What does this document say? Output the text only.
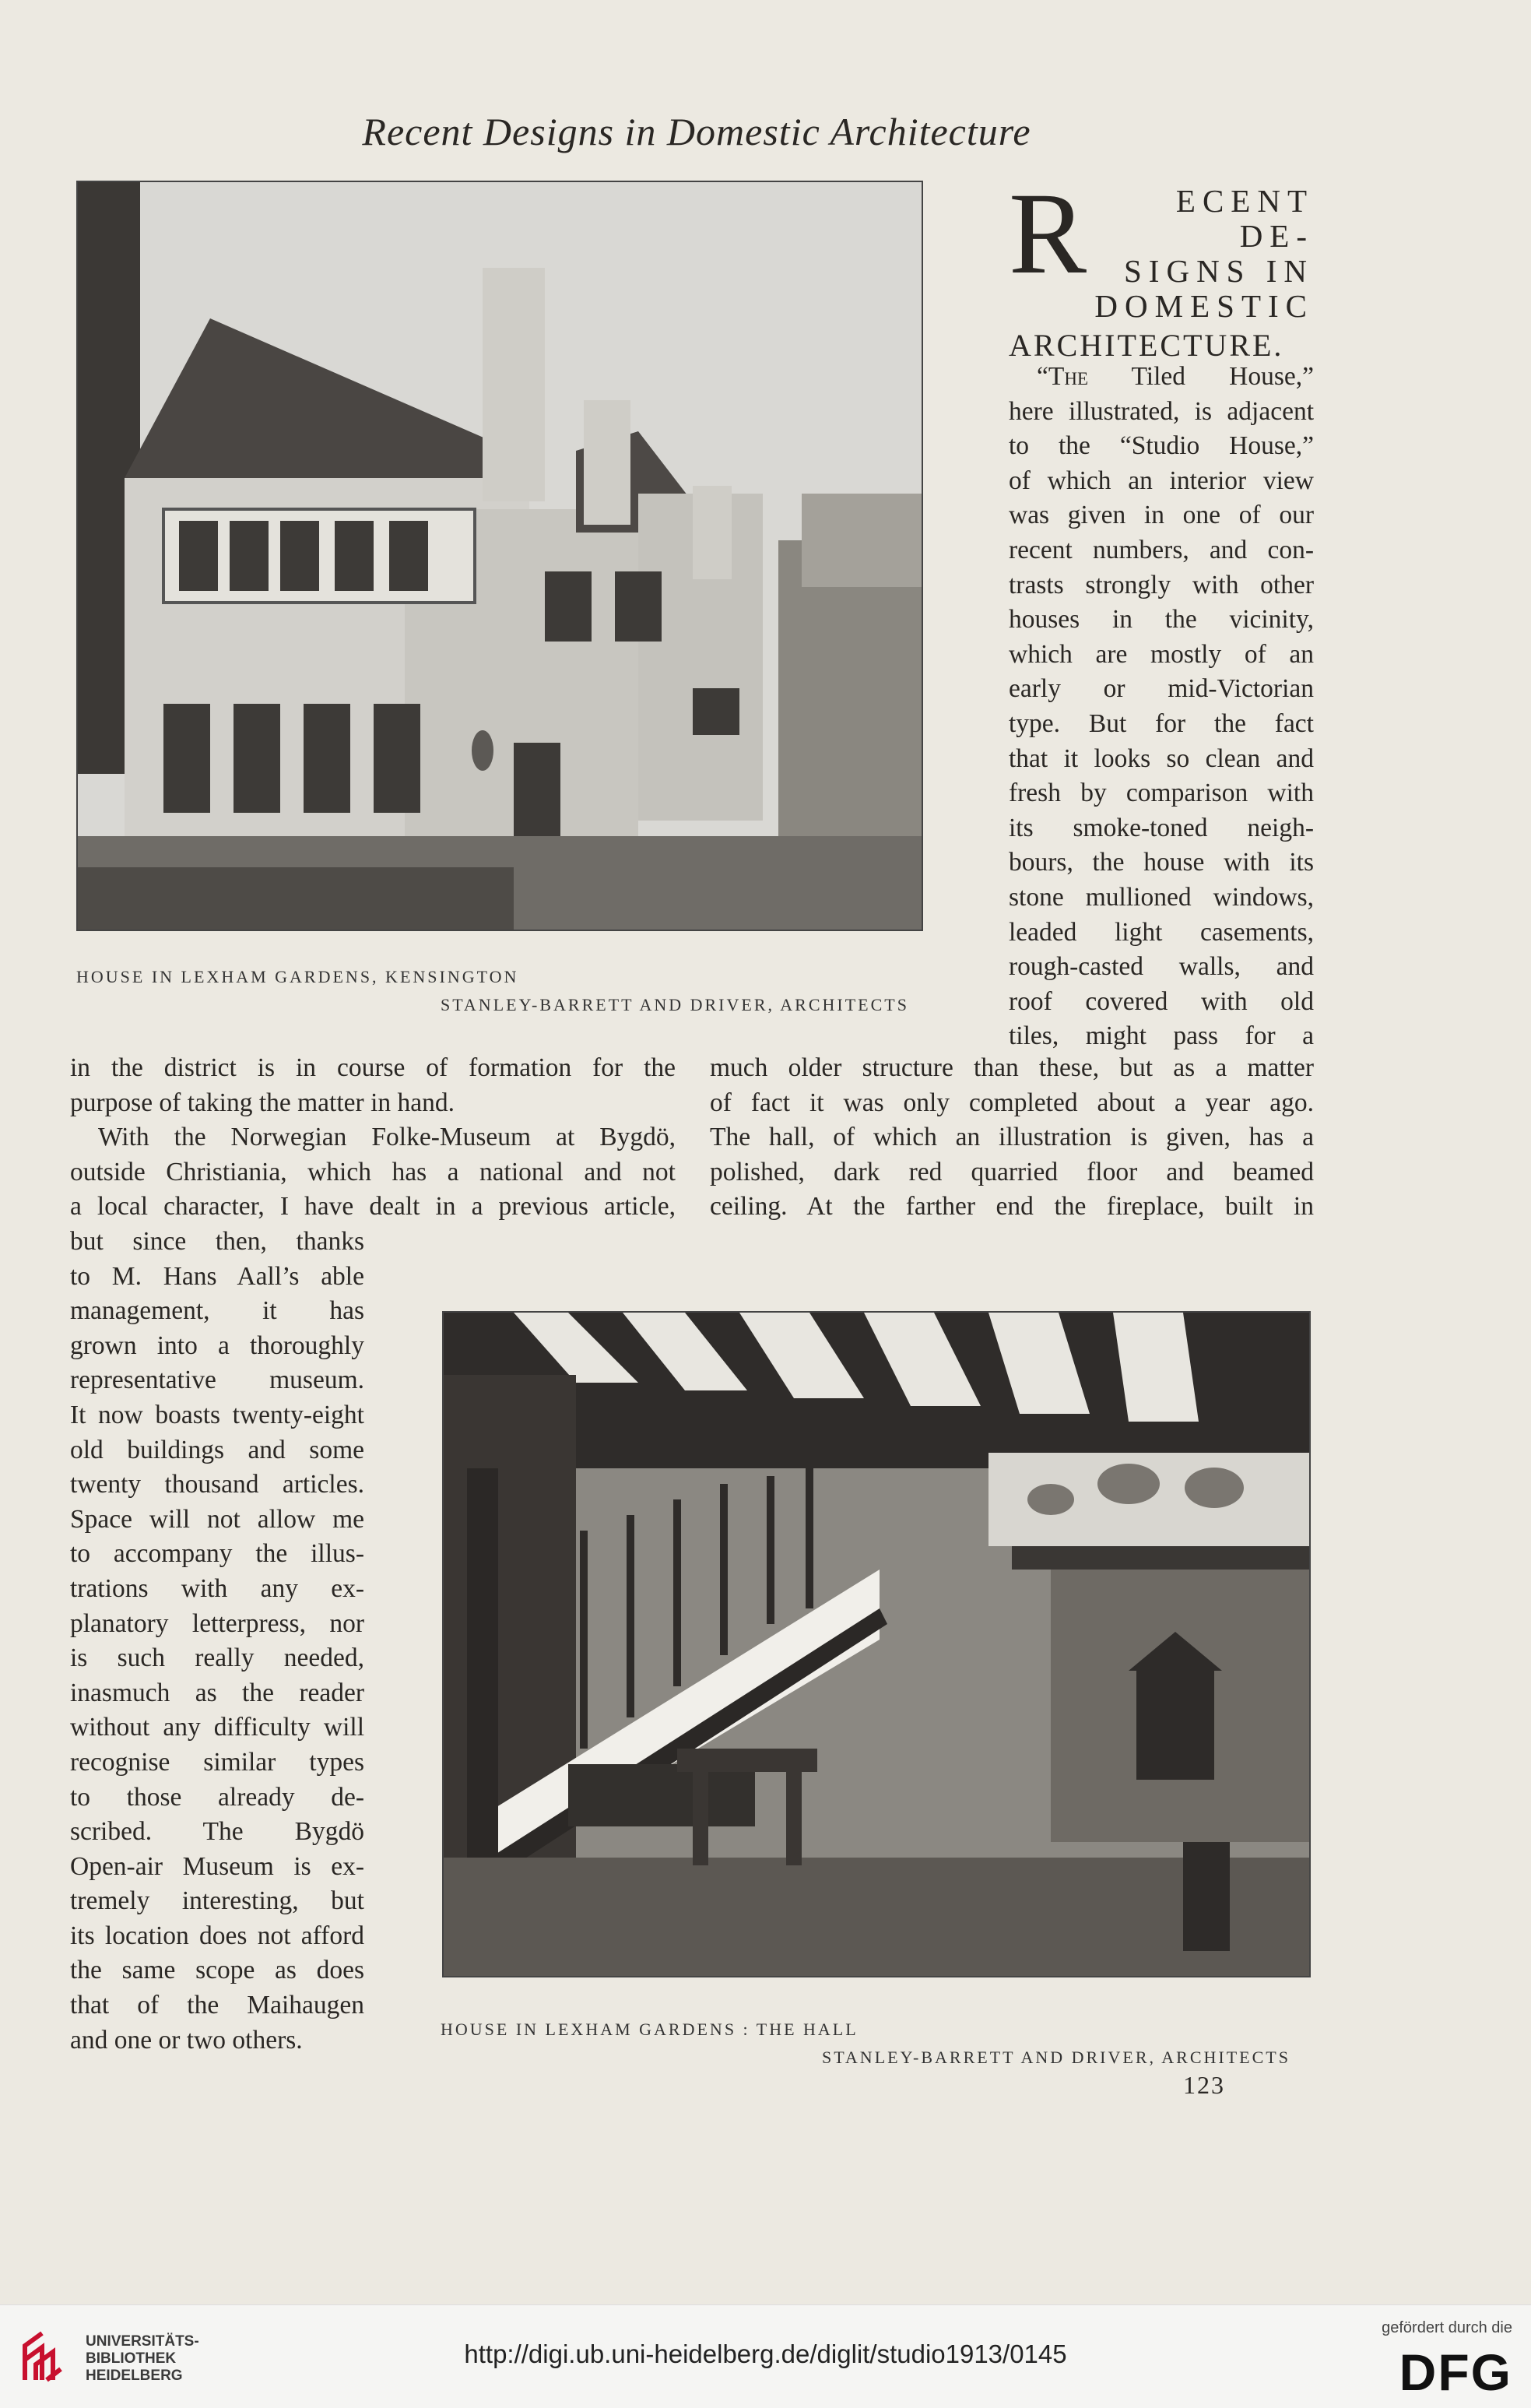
Recent Designs in Domestic Architecture
HOUSE IN LEXHAM GARDENS, KENSINGTON
STANLEY-BARRETT AND DRIVER, ARCHITECTS
R	ECENT DE-
SIGNS IN
DOMESTIC
ARCHITECTURE.

“The Tiled House,”

here illustrated, is adjacent

to the “Studio House,”

of which an interior view

was given in one of our

recent numbers, and con-

trasts strongly with other

houses in the vicinity,

which are mostly of an

early or mid-Victorian

type. But for the fact

that it looks so clean and

fresh by comparison with

its smoke-toned neigh-

bours, the house with its

stone mullioned windows,

leaded light casements,

rough-casted walls, and

roof covered with old

tiles, might pass for a

much older structure than these, but as a matter

of fact it was only completed about a year ago.

The hall, of which an illustration is given, has a

polished, dark red quarried floor and beamed

ceiling. At the farther end the fireplace, built in

in the district is in course of formation for the

purpose of taking the matter in hand.

With the Norwegian Folke-Museum at Bygdö,

outside Christiania, which has a national and not

a local character, I have dealt in a previous article,

but since then, thanks

to M. Hans Aall’s able

management, it has

grown into a thoroughly

representative museum.

It now boasts twenty-eight

old buildings and some

twenty thousand articles.

Space will not allow me

to accompany the illus-

trations with any ex-

planatory letterpress, nor

is such really needed,

inasmuch as the reader

without any difficulty will

recognise similar types

to those already de-

scribed. The Bygdö

Open-air Museum is ex-

tremely interesting, but

its location does not afford

the same scope as does

that of the Maihaugen

and one or two others.	HOUSE IN LEXHAM GARDENS : THE HALL
STANLEY-BARRETT AND DRIVER, ARCHITECTS
123
UNIVERSITÄTS-
BIBLIOTHEK
HEIDELBERG
http://digi.ub.uni-heidelberg.de/diglit/studio1913/0145
gefördert durch die
DFG
